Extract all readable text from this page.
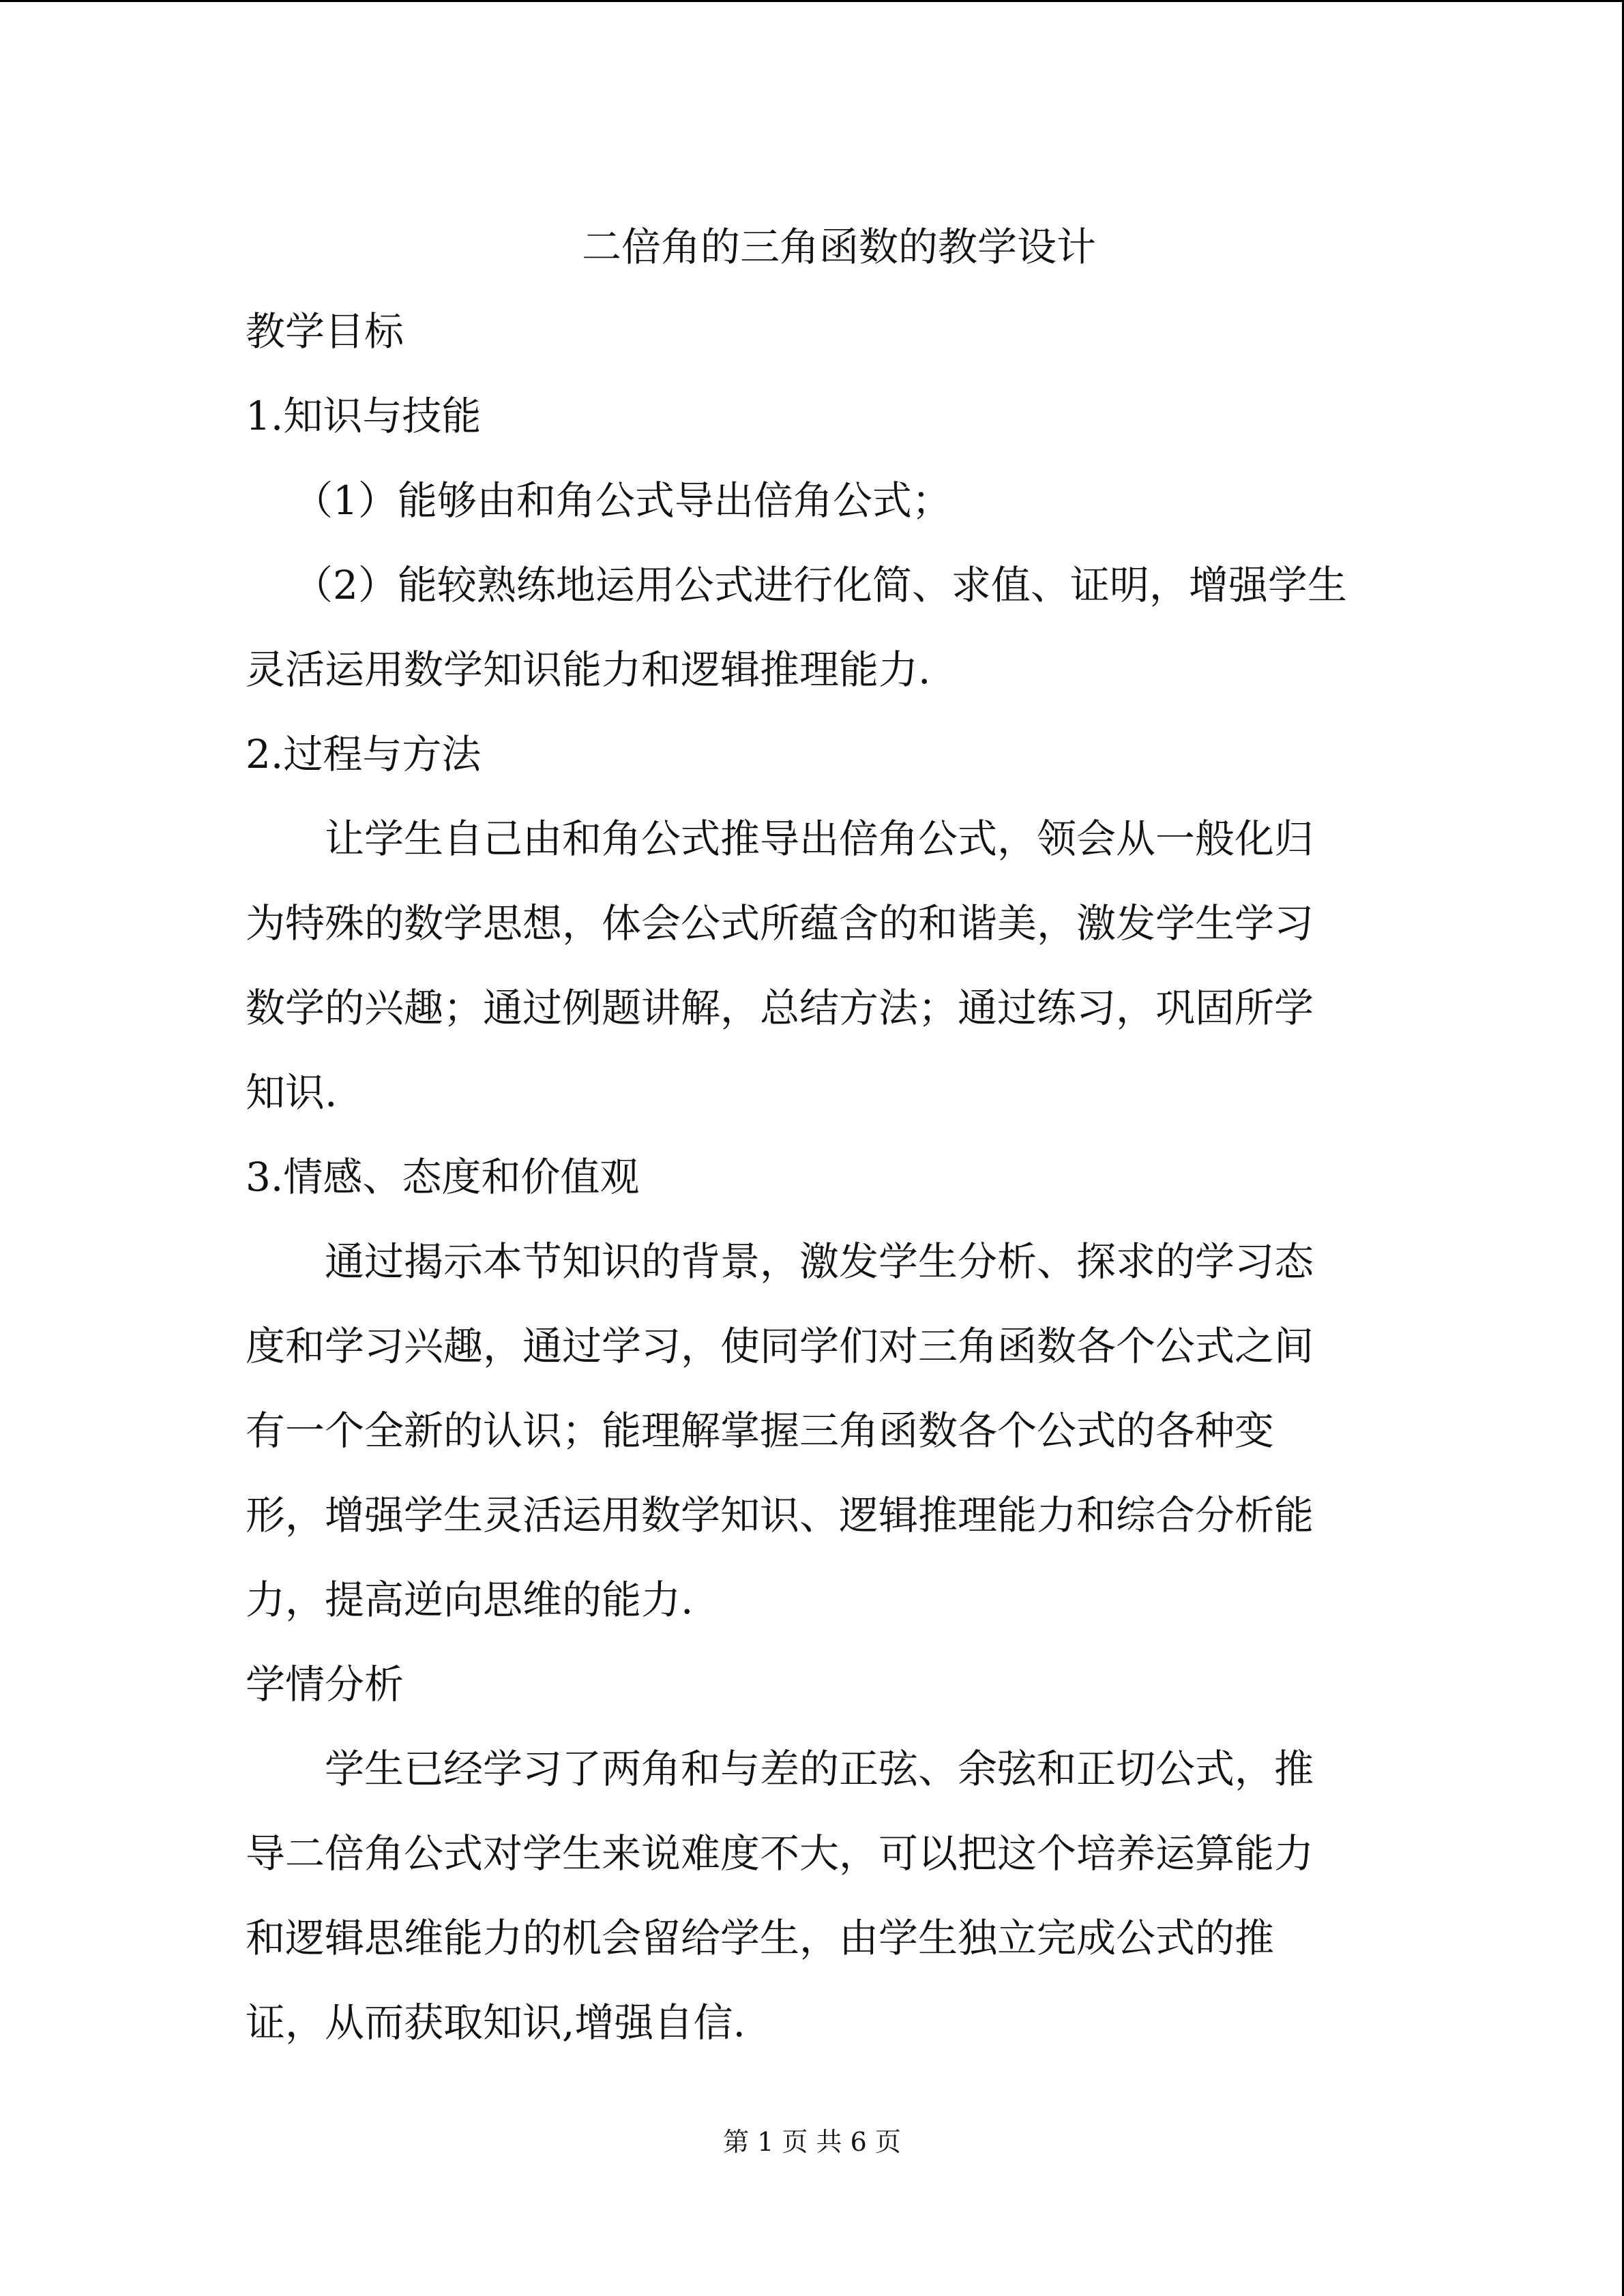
二倍角的三角函数的教学设计

教学目标

1.知识与技能

（1）能够由和角公式导出倍角公式；

（2）能较熟练地运用公式进行化简、求值、证明，增强学生

灵活运用数学知识能力和逻辑推理能力.

2.过程与方法

让学生自己由和角公式推导出倍角公式，领会从一般化归

为特殊的数学思想，体会公式所蕴含的和谐美，激发学生学习

数学的兴趣；通过例题讲解，总结方法；通过练习，巩固所学

知识.

3.情感、态度和价值观

通过揭示本节知识的背景，激发学生分析、探求的学习态

度和学习兴趣，通过学习，使同学们对三角函数各个公式之间

有一个全新的认识；能理解掌握三角函数各个公式的各种变

形，增强学生灵活运用数学知识、逻辑推理能力和综合分析能

力，提高逆向思维的能力.

学情分析

学生已经学习了两角和与差的正弦、余弦和正切公式，推

导二倍角公式对学生来说难度不大，可以把这个培养运算能力

和逻辑思维能力的机会留给学生，由学生独立完成公式的推

证，从而获取知识,增强自信.

第 1 页 共 6 页
